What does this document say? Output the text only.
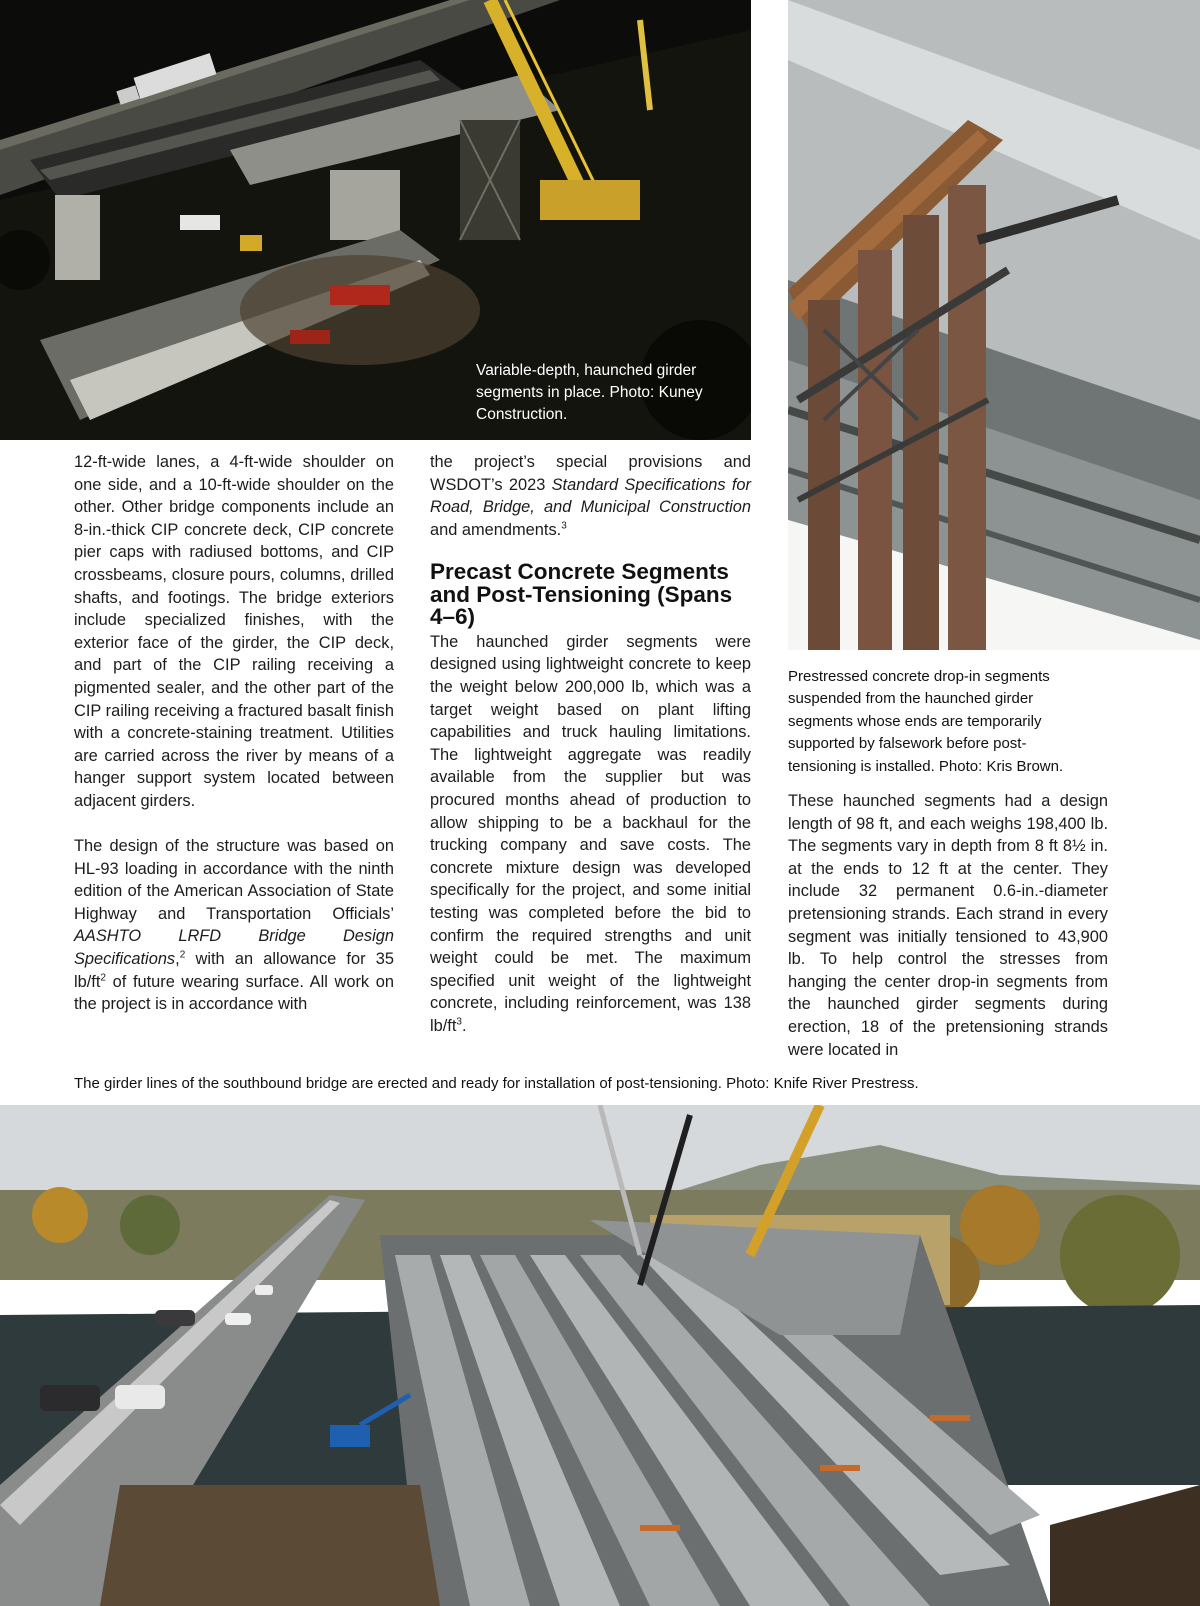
Variable-depth, haunched girder
segments in place. Photo: Kuney
Construction.

12-ft-wide lanes, a 4-ft-wide shoulder on one side, and a 10-ft-wide shoulder on the other. Other bridge components include an 8-in.-thick CIP concrete deck, CIP concrete pier caps with radiused bottoms, and CIP crossbeams, closure pours, columns, drilled shafts, and footings. The bridge exteriors include specialized finishes, with the exterior face of the girder, the CIP deck, and part of the CIP railing receiving a pigmented sealer, and the other part of the CIP railing receiving a fractured basalt finish with a concrete-staining treatment. Utilities are carried across the river by means of a hanger support system located between adjacent girders.

The design of the structure was based on HL-93 loading in accordance with the ninth edition of the American Association of State Highway and Transportation Officials’ AASHTO LRFD Bridge Design Specifications,$^2$ with an allowance for 35 $lb/ft^2$ of future wearing surface. All work on the project is in accordance with

the project’s special provisions and WSDOT’s 2023 Standard Specifications for Road, Bridge, and Municipal Construction and amendments.$^3$

Precast Concrete Segments and Post-Tensioning (Spans 4–6)

The haunched girder segments were designed using lightweight concrete to keep the weight below 200,000 lb, which was a target weight based on plant lifting capabilities and truck hauling limitations. The lightweight aggregate was readily available from the supplier but was procured months ahead of production to allow shipping to be a backhaul for the trucking company and save costs. The concrete mixture design was developed specifically for the project, and some initial testing was completed before the bid to confirm the required strengths and unit weight could be met. The maximum specified unit weight of the lightweight concrete, including reinforcement, was 138 $lb/ft^3$.

Prestressed concrete drop-in segments
suspended from the haunched girder
segments whose ends are temporarily
supported by falsework before post-
tensioning is installed. Photo: Kris Brown.

These haunched segments had a design length of 98 ft, and each weighs 198,400 lb. The segments vary in depth from 8 ft 8½ in. at the ends to 12 ft at the center. They include 32 permanent 0.6-in.-diameter pretensioning strands. Each strand in every segment was initially tensioned to 43,900 lb. To help control the stresses from hanging the center drop-in segments from the haunched girder segments during erection, 18 of the pretensioning strands were located in

The girder lines of the southbound bridge are erected and ready for installation of post-tensioning. Photo: Knife River Prestress.
